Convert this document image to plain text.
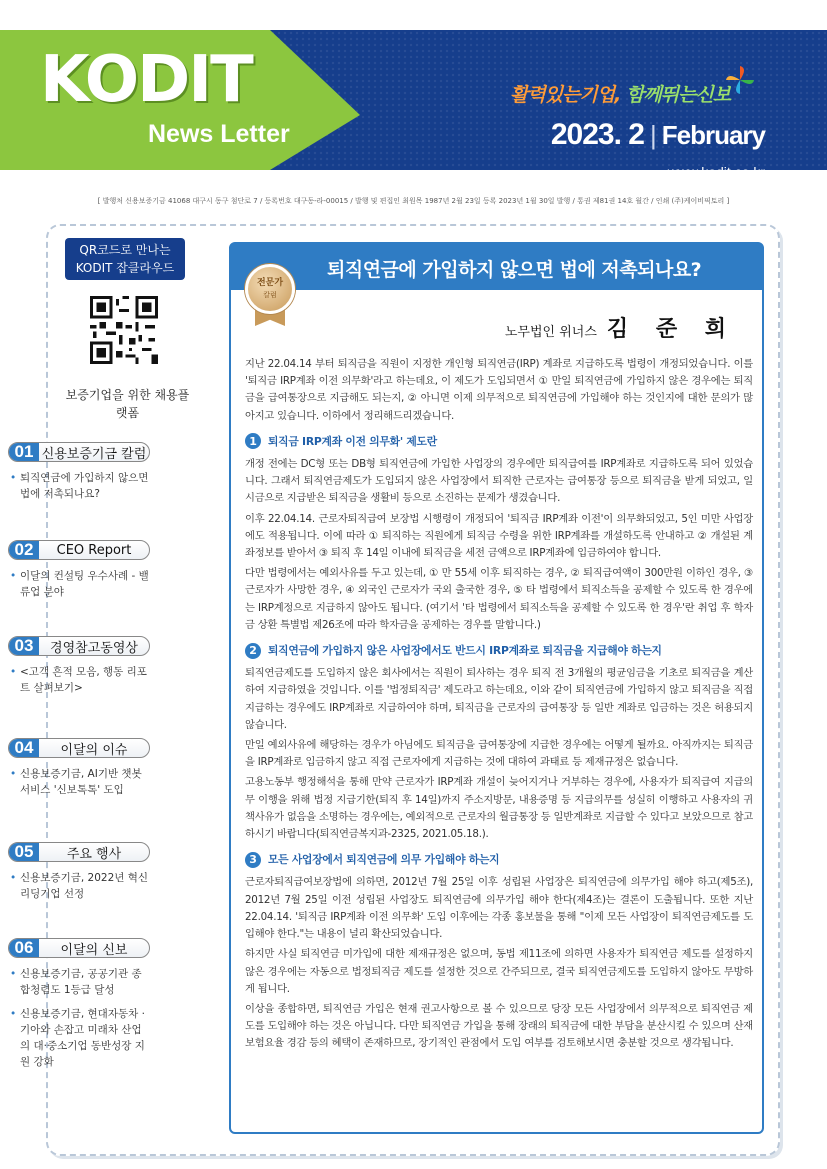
KODIT
News Letter
활력있는기업, 함께뛰는신보
2023. 2 | February
www.kodit.co.kr
[ 발행처 신용보증기금 41068 대구시 동구 첨단로 7 / 등록번호 대구동-라-00015 / 발행 및 편집인 최원목 1987년 2월 23일 등록 2023년 1월 30일 발행 / 통권 제81권 14호 월간 / 인쇄 (주)케이비픽토리 ]
QR코드로 만나는 KODIT 잡클라우드
보증기업을 위한 채용플랫폼
01 신용보증기금 칼럼
• 퇴직연금에 가입하지 않으면 법에 저촉되나요?
02	CEO Report
• 이달의 컨설팅 우수사례 - 밸류업 분야
03	경영참고동영상
• <고객 흔적 모음, 행동 리포트 살펴보기>
04	이달의 이슈
• 신용보증기금, AI기반 챗봇 서비스 '신보톡톡' 도입
05	주요 행사
• 신용보증기금, 2022년 혁신리딩기업 선정
06	이달의 신보
• 신용보증기금, 공공기관 종합청렴도 1등급 달성
• 신용보증기금, 현대자동차 · 기아와 손잡고 미래차 산업의 대·중소기업 동반성장 지원 강화
퇴직연금에 가입하지 않으면 법에 저촉되나요?
전문가
칼럼
노무법인 위너스 김 준 희

지난 22.04.14 부터 퇴직금을 직원이 지정한 개인형 퇴직연금(IRP) 계좌로 지급하도록 법령이 개정되었습니다. 이를 '퇴직금 IRP계좌 이전 의무화'라고 하는데요, 이 제도가 도입되면서 ① 만일 퇴직연금에 가입하지 않은 경우에는 퇴직금을 급여통장으로 지급해도 되는지, ② 아니면 이제 의무적으로 퇴직연금에 가입해야 하는 것인지에 대한 문의가 많아지고 있습니다. 이하에서 정리해드리겠습니다.

1	퇴직금 IRP계좌 이전 의무화' 제도란

개정 전에는 DC형 또는 DB형 퇴직연금에 가입한 사업장의 경우에만 퇴직급여를 IRP계좌로 지급하도록 되어 있었습니다. 그래서 퇴직연금제도가 도입되지 않은 사업장에서 퇴직한 근로자는 급여통장 등으로 퇴직금을 받게 되었고, 일시금으로 지급받은 퇴직금을 생활비 등으로 소진하는 문제가 생겼습니다.

이후 22.04.14. 근로자퇴직급여 보장법 시행령이 개정되어 '퇴직금 IRP계좌 이전'이 의무화되었고, 5인 미만 사업장에도 적용됩니다. 이에 따라 ① 퇴직하는 직원에게 퇴직금 수령을 위한 IRP계좌를 개설하도록 안내하고 ② 개설된 계좌정보를 받아서 ③ 퇴직 후 14일 이내에 퇴직금을 세전 금액으로 IRP계좌에 입금하여야 합니다.

다만 법령에서는 예외사유를 두고 있는데, ① 만 55세 이후 퇴직하는 경우, ② 퇴직급여액이 300만원 이하인 경우, ③ 근로자가 사망한 경우, ④ 외국인 근로자가 국외 출국한 경우, ⑤ 타 법령에서 퇴직소득을 공제할 수 있도록 한 경우에는 IRP계정으로 지급하지 않아도 됩니다. (여기서 '타 법령에서 퇴직소득을 공제할 수 있도록 한 경우'란 취업 후 학자금 상환 특별법 제26조에 따라 학자금을 공제하는 경우를 말합니다.)

2	퇴직연금에 가입하지 않은 사업장에서도 반드시 IRP계좌로 퇴직금을 지급해야 하는지

퇴직연금제도를 도입하지 않은 회사에서는 직원이 퇴사하는 경우 퇴직 전 3개월의 평균임금을 기초로 퇴직금을 계산하여 지급하였을 것입니다. 이를 '법정퇴직금' 제도라고 하는데요, 이와 같이 퇴직연금에 가입하지 않고 퇴직금을 직접 지급하는 경우에도 IRP계좌로 지급하여야 하며, 퇴직금을 근로자의 급여통장 등 일반 계좌로 입금하는 것은 허용되지 않습니다.

만일 예외사유에 해당하는 경우가 아님에도 퇴직금을 급여통장에 지급한 경우에는 어떻게 될까요. 아직까지는 퇴직금을 IRP계좌로 입금하지 않고 직접 근로자에게 지급하는 것에 대하여 과태료 등 제재규정은 없습니다.

고용노동부 행정해석을 통해 만약 근로자가 IRP계좌 개설이 늦어지거나 거부하는 경우에, 사용자가 퇴직급여 지급의무 이행을 위해 법정 지급기한(퇴직 후 14일)까지 주소지방문, 내용증명 등 지급의무를 성실히 이행하고 사용자의 귀책사유가 없음을 소명하는 경우에는, 예외적으로 근로자의 월급통장 등 일반계좌로 지급할 수 있다고 보았으므로 참고하시기 바랍니다(퇴직연금복지과-2325, 2021.05.18.).

3	모든 사업장에서 퇴직연금에 의무 가입해야 하는지

근로자퇴직급여보장법에 의하면, 2012년 7월 25일 이후 성립된 사업장은 퇴직연금에 의무가입 해야 하고(제5조), 2012년 7월 25일 이전 성립된 사업장도 퇴직연금에 의무가입 해야 한다(제4조)는 결론이 도출됩니다. 또한 지난 22.04.14. '퇴직금 IRP계좌 이전 의무화' 도입 이후에는 각종 홍보물을 통해 "이제 모든 사업장이 퇴직연금제도를 도입해야 한다."는 내용이 널리 확산되었습니다.

하지만 사실 퇴직연금 미가입에 대한 제재규정은 없으며, 동법 제11조에 의하면 사용자가 퇴직연금 제도를 설정하지 않은 경우에는 자동으로 법정퇴직금 제도를 설정한 것으로 간주되므로, 결국 퇴직연금제도를 도입하지 않아도 무방하게 됩니다.

이상을 종합하면, 퇴직연금 가입은 현재 권고사항으로 볼 수 있으므로 당장 모든 사업장에서 의무적으로 퇴직연금 제도를 도입해야 하는 것은 아닙니다. 다만 퇴직연금 가입을 통해 장래의 퇴직금에 대한 부담을 분산시킬 수 있으며 산재보험요율 경감 등의 혜택이 존재하므로, 장기적인 관점에서 도입 여부를 검토해보시면 충분할 것으로 생각됩니다.
